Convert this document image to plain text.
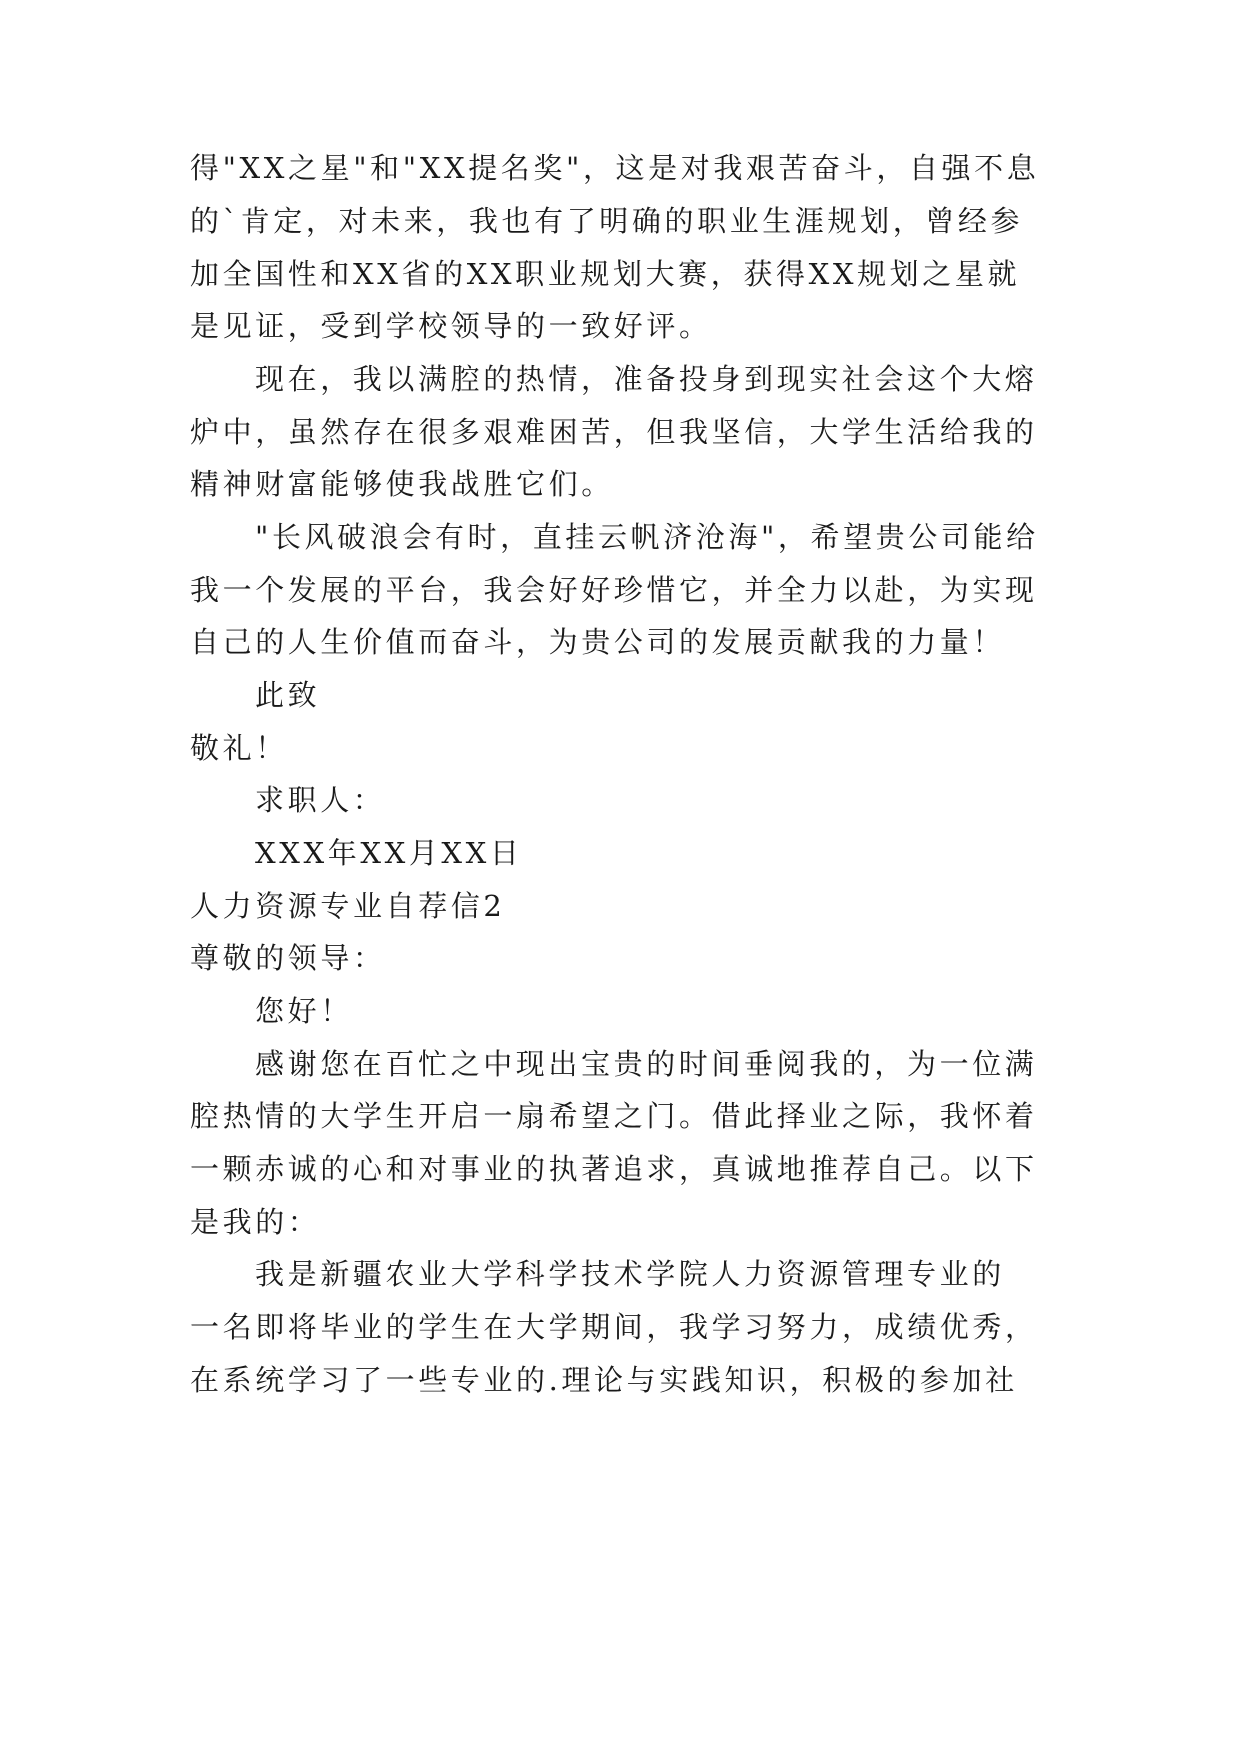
得"XX之星"和"XX提名奖"，这是对我艰苦奋斗，自强不息

的`肯定，对未来，我也有了明确的职业生涯规划，曾经参

加全国性和XX省的XX职业规划大赛，获得XX规划之星就

是见证，受到学校领导的一致好评。

现在，我以满腔的热情，准备投身到现实社会这个大熔

炉中，虽然存在很多艰难困苦，但我坚信，大学生活给我的

精神财富能够使我战胜它们。

"长风破浪会有时，直挂云帆济沧海"，希望贵公司能给

我一个发展的平台，我会好好珍惜它，并全力以赴，为实现

自己的人生价值而奋斗，为贵公司的发展贡献我的力量！

此致

敬礼！

求职人：

XXX年XX月XX日

人力资源专业自荐信2

尊敬的领导：

您好！

感谢您在百忙之中现出宝贵的时间垂阅我的，为一位满

腔热情的大学生开启一扇希望之门。借此择业之际，我怀着

一颗赤诚的心和对事业的执著追求，真诚地推荐自己。以下

是我的：

我是新疆农业大学科学技术学院人力资源管理专业的

一名即将毕业的学生在大学期间，我学习努力，成绩优秀，

在系统学习了一些专业的.理论与实践知识，积极的参加社
